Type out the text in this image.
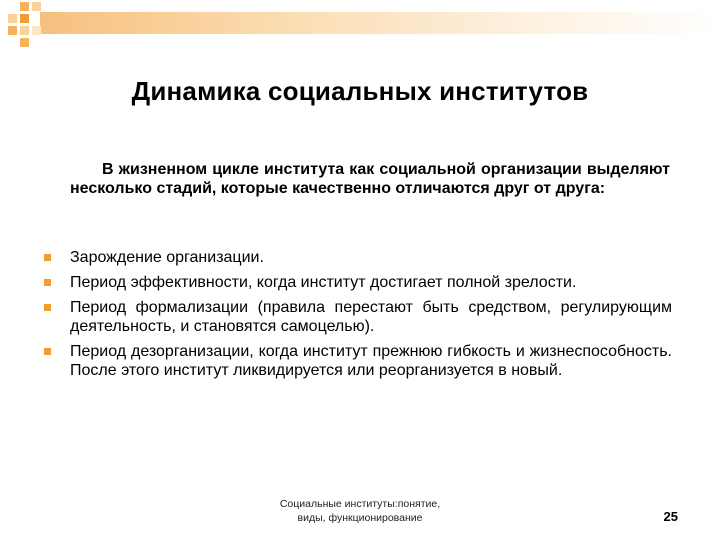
Динамика социальных институтов
В жизненном цикле института как социальной организации выделяют несколько стадий, которые качественно отличаются друг от друга:
Зарождение организации.
Период эффективности, когда институт достигает полной зрелости.
Период формализации (правила перестают быть средством, регулирующим деятельность, и становятся самоцелью).
Период дезорганизации, когда институт прежнюю гибкость и жизнеспособность. После этого институт ликвидируется или реорганизуется в новый.
Социальные институты:понятие,
виды, функционирование	25
